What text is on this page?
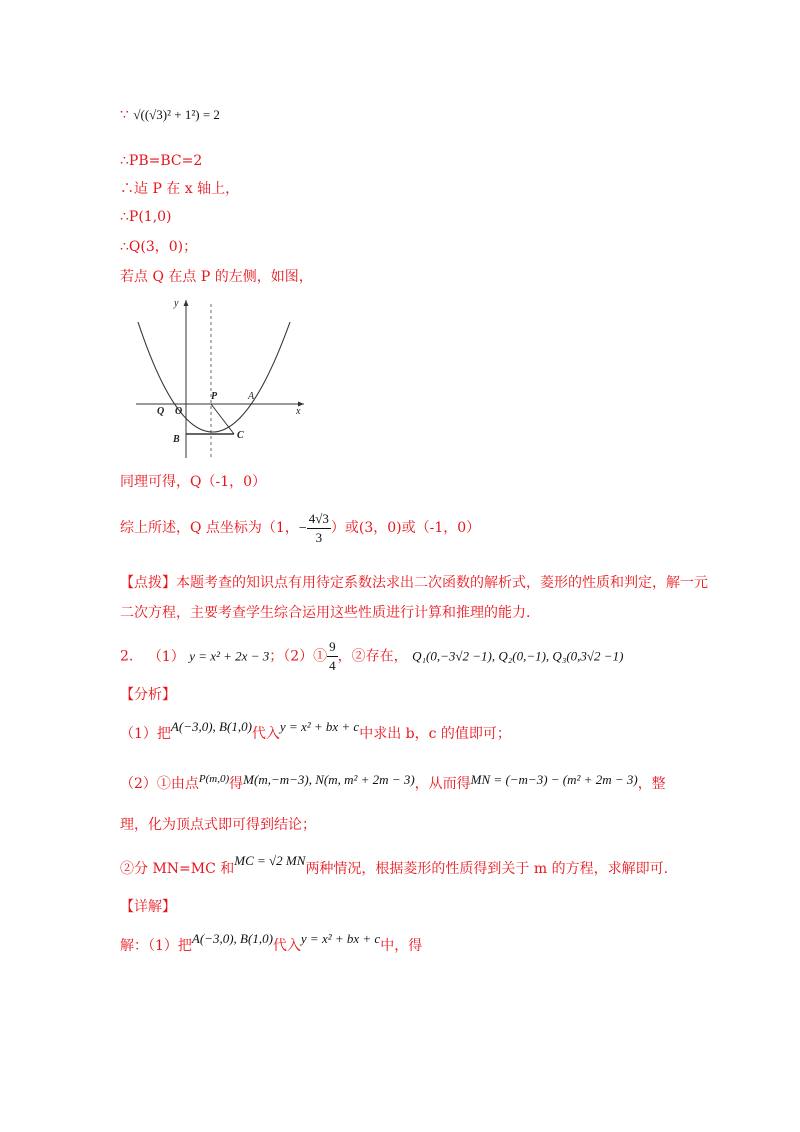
∵ √((√3)² + 1²) = 2
∴PB=BC=2
∴迠 P 在 x 轴上，
∴P(1,0)
∴Q(3，0)；
若点 Q 在点 P 的左侧，如图，
y
x
O
Q
B	C
P	A
同理可得，Q（-1，0）
综上所述，Q 点坐标为（1，− $\frac{4√3}{3}$ ）或(3，0)或（-1，0）
【点拨】本题考查的知识点有用待定系数法求出二次函数的解析式，菱形的性质和判定，解一元二次方程，主要考查学生综合运用这些性质进行计算和推理的能力.
2. （1） y = x² + 2x − 3；（2）① $\frac{9}{4}$ ，②存在， Q₁(0,−3√2 −1), Q₂(0,−1), Q₃(0,3√2 −1)
【分析】
（1）把A(−3,0), B(1,0)代入y = x² + bx + c中求出 b，c 的值即可；
（2）①由点$^{P(m,0)}$得M(m,−m−3), N(m, m² + 2m − 3)，从而得MN = (−m−3) − (m² + 2m − 3)，整
理，化为顶点式即可得到结论；
②分 MN=MC 和MC = √2 MN两种情况，根据菱形的性质得到关于 m 的方程，求解即可.
【详解】
解：（1）把A(−3,0), B(1,0)代入y = x² + bx + c中，得
